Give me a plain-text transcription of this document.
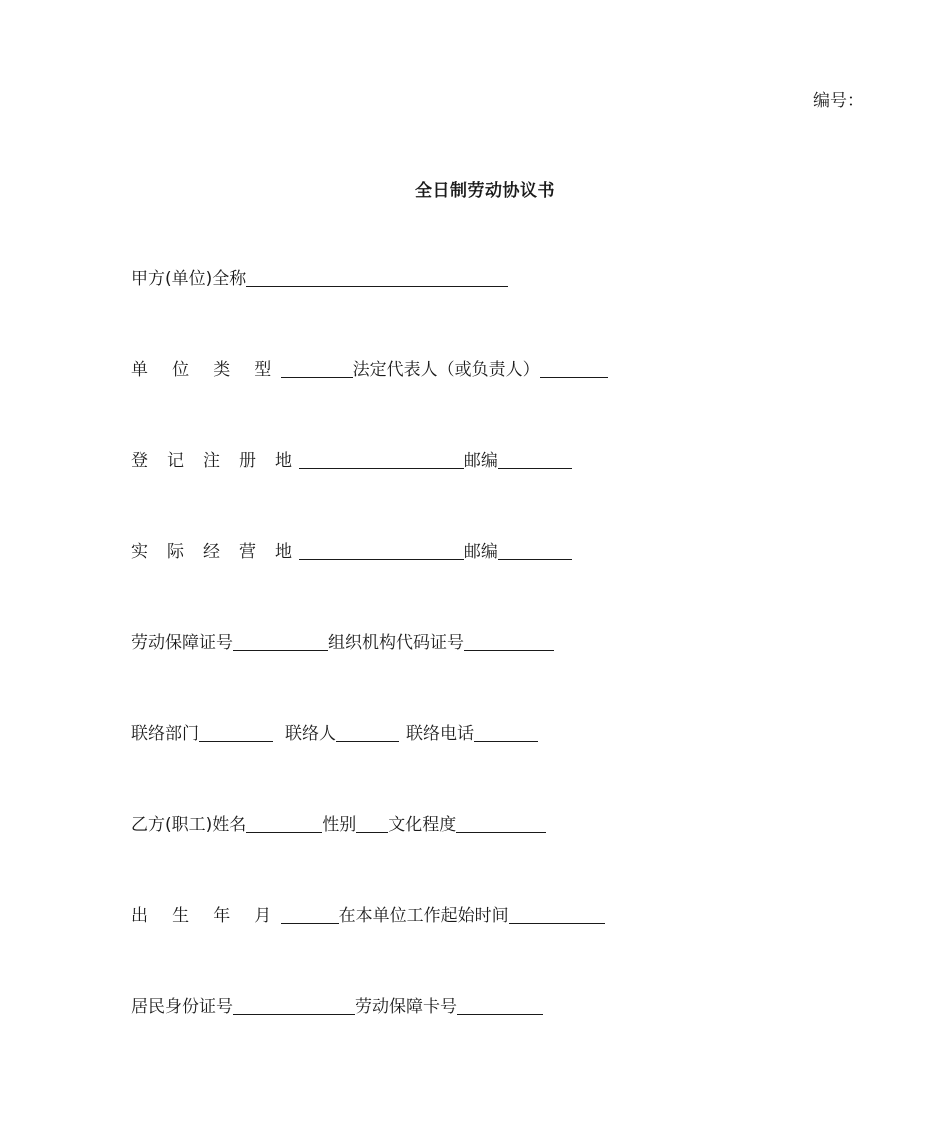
编号：
全日制劳动协议书
甲方(单位)全称
单 位 类 型	法定代表人（或负责人）
登 记 注 册 地	邮编
实 际 经 营 地	邮编
劳动保障证号	组织机构代码证号
联络部门	联络人	联络电话
乙方(职工)姓名	性别 文化程度
出 生 年 月	在本单位工作起始时间
居民身份证号	劳动保障卡号
